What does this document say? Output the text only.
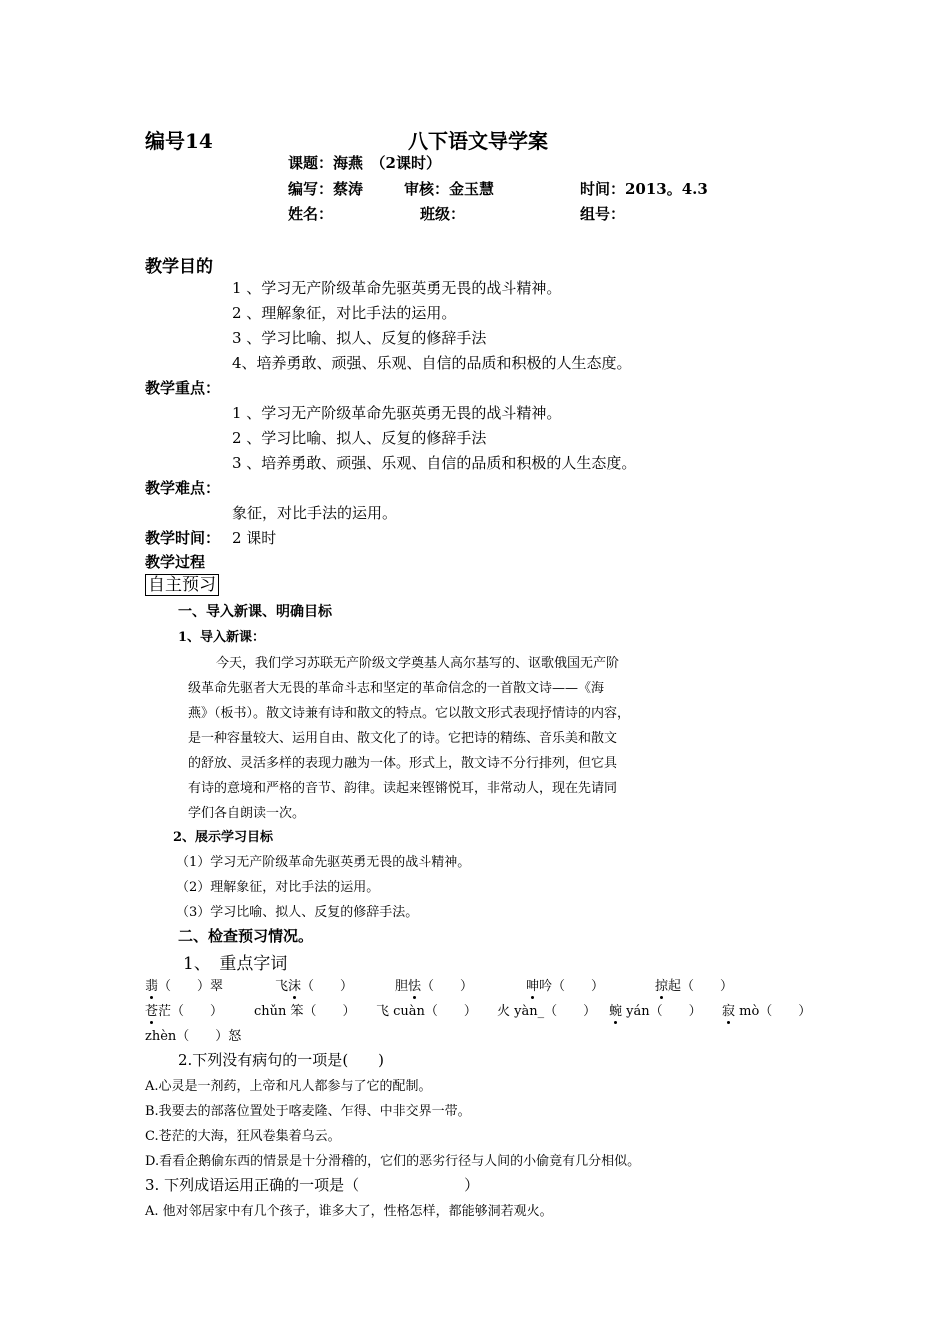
编号14	八下语文导学案
课题：海燕　（2课时）
编写：蔡涛	审核：金玉慧	时间：2013。4.3
姓名：	班级：	组号：
教学目的
1 、学习无产阶级革命先驱英勇无畏的战斗精神。
2 、理解象征，对比手法的运用。
3 、学习比喻、拟人、反复的修辞手法
4、培养勇敢、顽强、乐观、自信的品质和积极的人生态度。
教学重点：
1 、学习无产阶级革命先驱英勇无畏的战斗精神。
2 、学习比喻、拟人、反复的修辞手法
3 、培养勇敢、顽强、乐观、自信的品质和积极的人生态度。
教学难点：
象征，对比手法的运用。
教学时间： 2 课时
教学过程
自主预习
一、导入新课、明确目标
1、导入新课：
今天，我们学习苏联无产阶级文学奠基人高尔基写的、讴歌俄国无产阶
级革命先驱者大无畏的革命斗志和坚定的革命信念的一首散文诗——《海
燕》（板书）。散文诗兼有诗和散文的特点。它以散文形式表现抒情诗的内容，
是一种容量较大、运用自由、散文化了的诗。它把诗的精练、音乐美和散文
的舒放、灵活多样的表现力融为一体。形式上，散文诗不分行排列，但它具
有诗的意境和严格的音节、韵律。读起来铿锵悦耳，非常动人，现在先请同
学们各自朗读一次。
2、展示学习目标
（1）学习无产阶级革命先驱英勇无畏的战斗精神。
（2）理解象征，对比手法的运用。
（3）学习比喻、拟人、反复的修辞手法。
二、检查预习情况。
1、　重点字词
翡（　　）翠	飞沫（　　）	胆怯（　　）	呻吟（　　）	掠起（　　）
苍茫（　　） chǔn 笨（　　） 飞 cuàn（　　） 火 yàn_（　　） 蜿 yán（　　） 寂 mò（　　）
zhèn（　　）怒
2.下列没有病句的一项是(　　)
A.心灵是一剂药，上帝和凡人都参与了它的配制。
B.我要去的部落位置处于喀麦隆、乍得、中非交界一带。
C.苍茫的大海，狂风卷集着乌云。
D.看看企鹅偷东西的情景是十分滑稽的，它们的恶劣行径与人间的小偷竟有几分相似。
3. 下列成语运用正确的一项是（　　　　　　　）
A. 他对邻居家中有几个孩子，谁多大了，性格怎样，都能够洞若观火。
